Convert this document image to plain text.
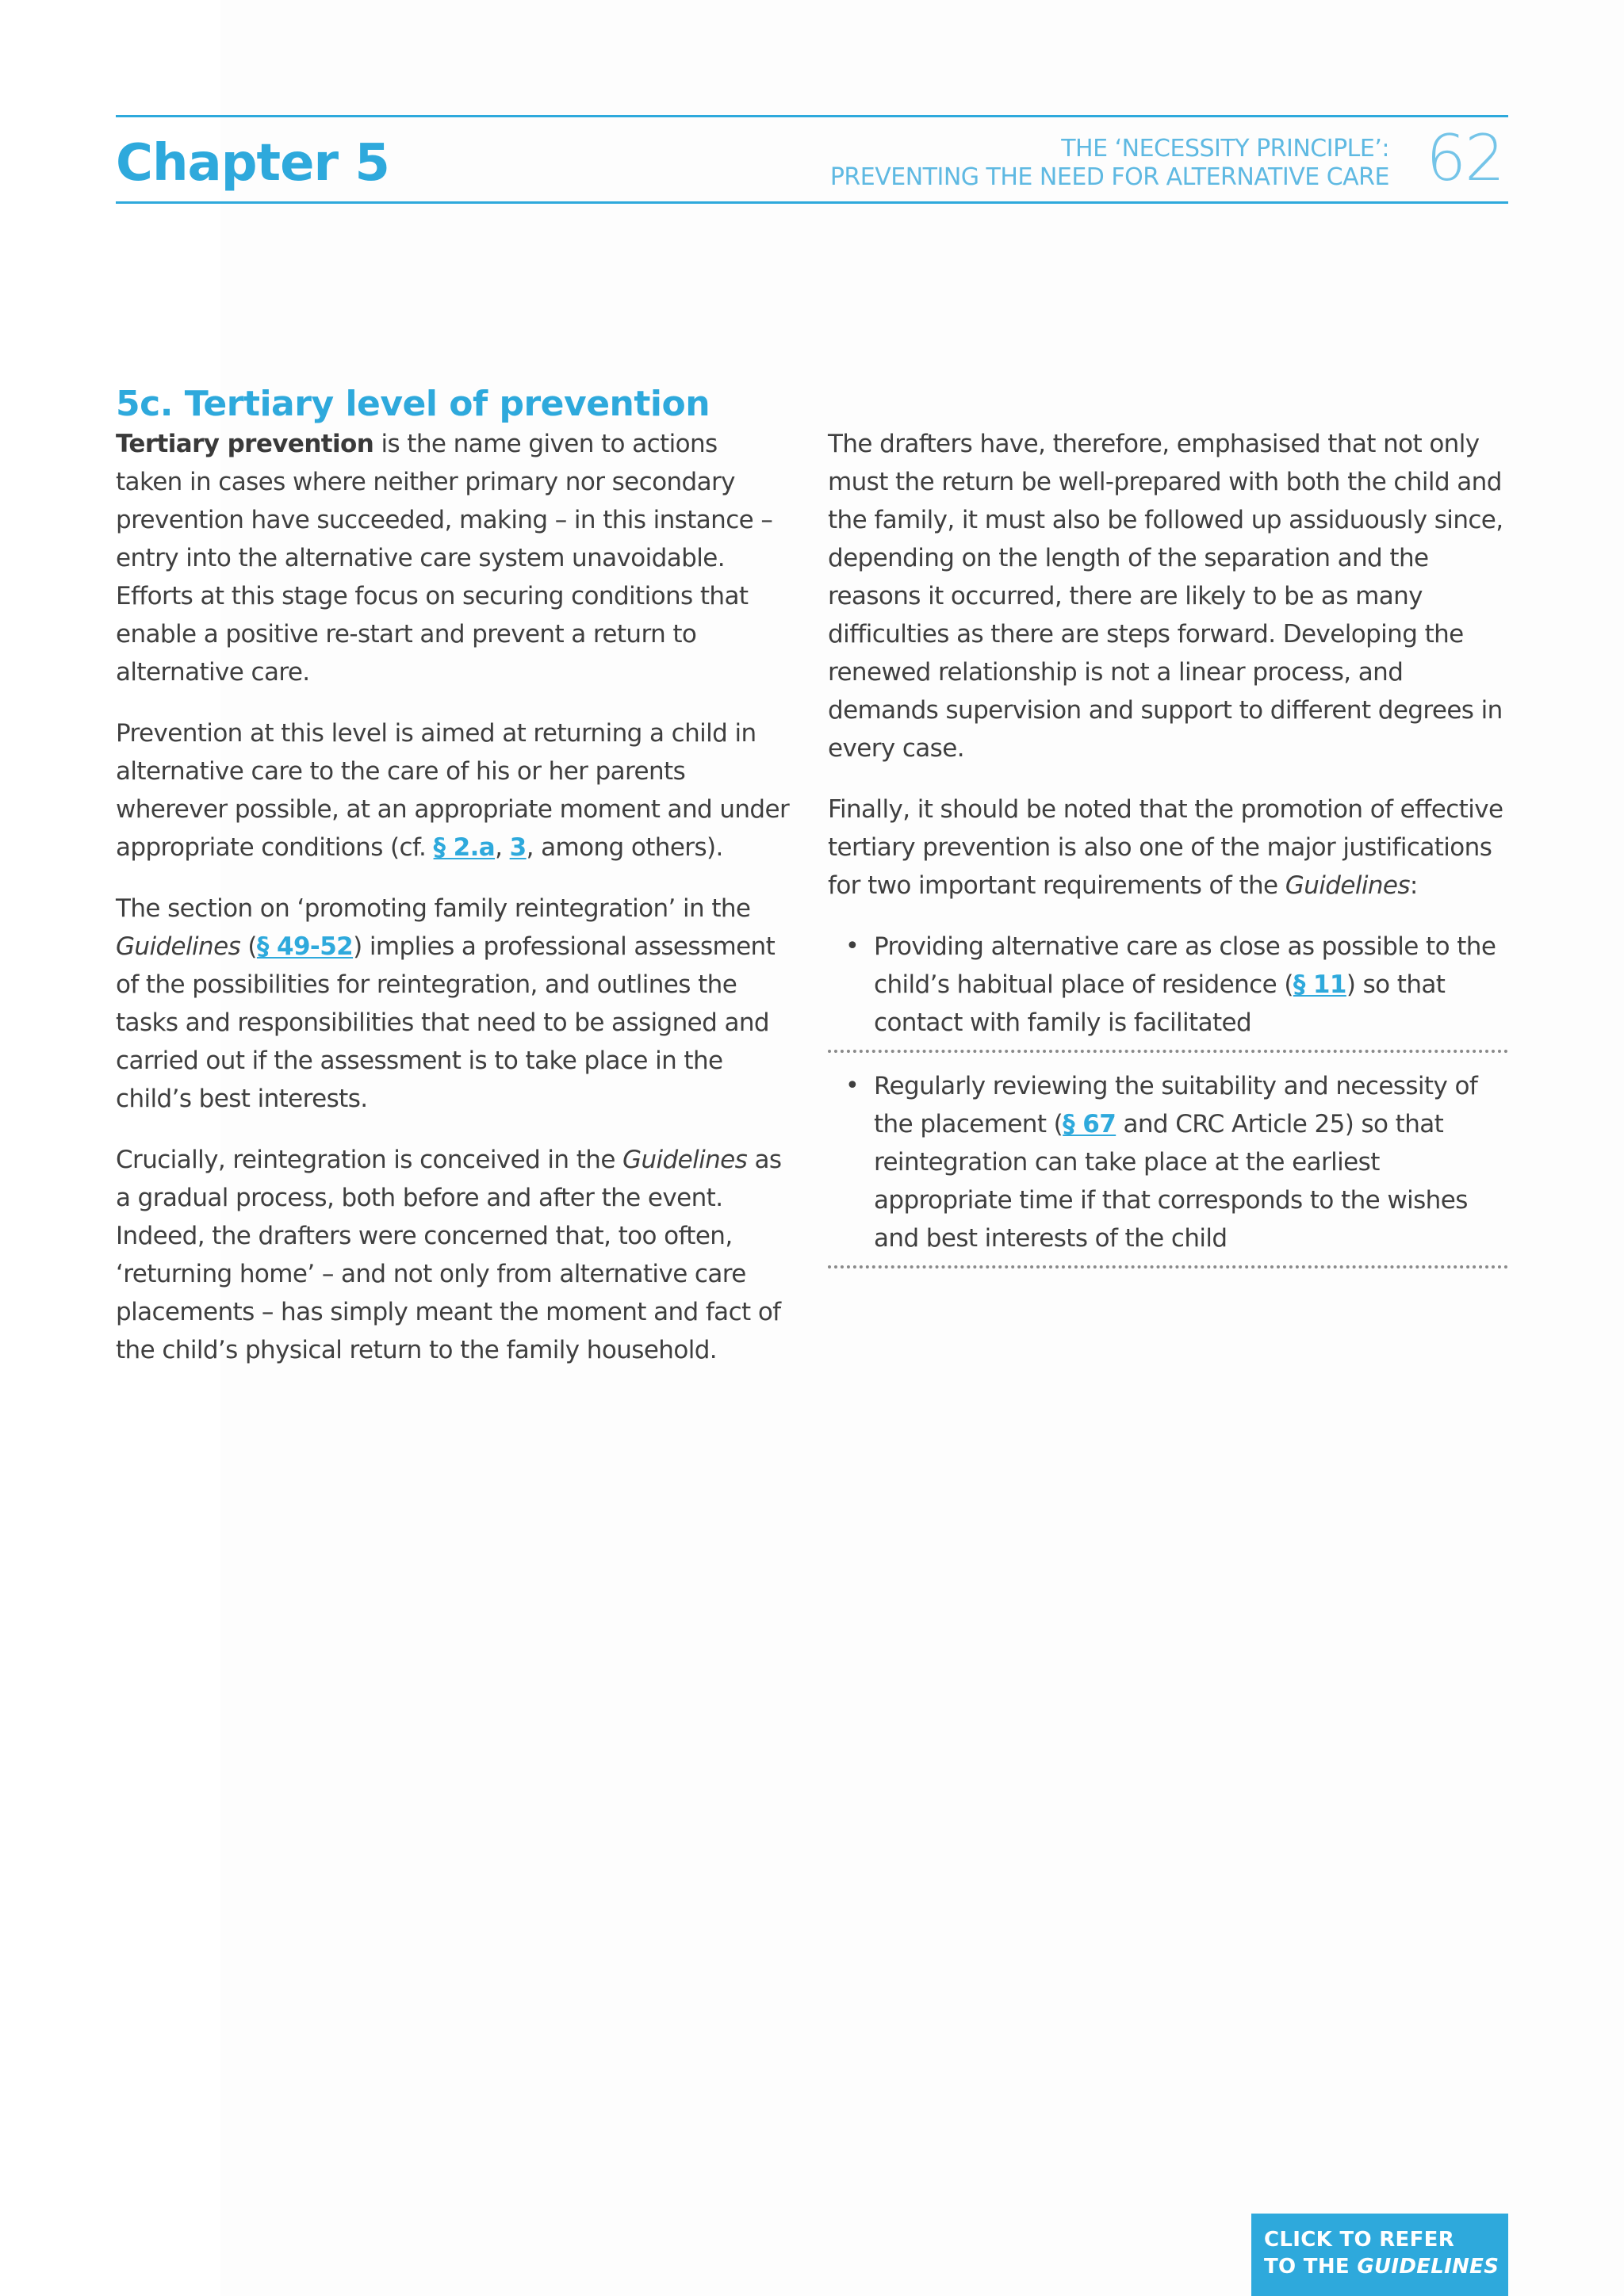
Chapter 5	THE ‘NECESSITY PRINCIPLE’:
PREVENTING THE NEED FOR ALTERNATIVE CARE 62
5c. Tertiary level of prevention

Tertiary prevention is the name given to actions taken in cases where neither primary nor secondary prevention have succeeded, making – in this instance – entry into the alternative care system unavoidable. Efforts at this stage focus on securing conditions that enable a positive re-start and prevent a return to alternative care.

Prevention at this level is aimed at returning a child in alternative care to the care of his or her parents wherever possible, at an appropriate moment and under appropriate conditions (cf. § 2.a, 3, among others).

The section on ‘promoting family reintegration’ in the Guidelines (§ 49-52) implies a professional assessment of the possibilities for reintegration, and outlines the tasks and responsibilities that need to be assigned and carried out if the assessment is to take place in the child’s best interests.

Crucially, reintegration is conceived in the Guidelines as a gradual process, both before and after the event. Indeed, the drafters were concerned that, too often, ‘returning home’ – and not only from alternative care placements – has simply meant the moment and fact of the child’s physical return to the family household.

The drafters have, therefore, emphasised that not only must the return be well-prepared with both the child and the family, it must also be followed up assiduously since, depending on the length of the separation and the reasons it occurred, there are likely to be as many difficulties as there are steps forward. Developing the renewed relationship is not a linear process, and demands supervision and support to different degrees in every case.

Finally, it should be noted that the promotion of effective tertiary prevention is also one of the major justifications for two important requirements of the Guidelines:

• Providing alternative care as close as possible to the child’s habitual place of residence (§ 11) so that contact with family is facilitated
• Regularly reviewing the suitability and necessity of the placement (§ 67 and CRC Article 25) so that reintegration can take place at the earliest appropriate time if that corresponds to the wishes and best interests of the child
CLICK TO REFER
TO THE GUIDELINES
